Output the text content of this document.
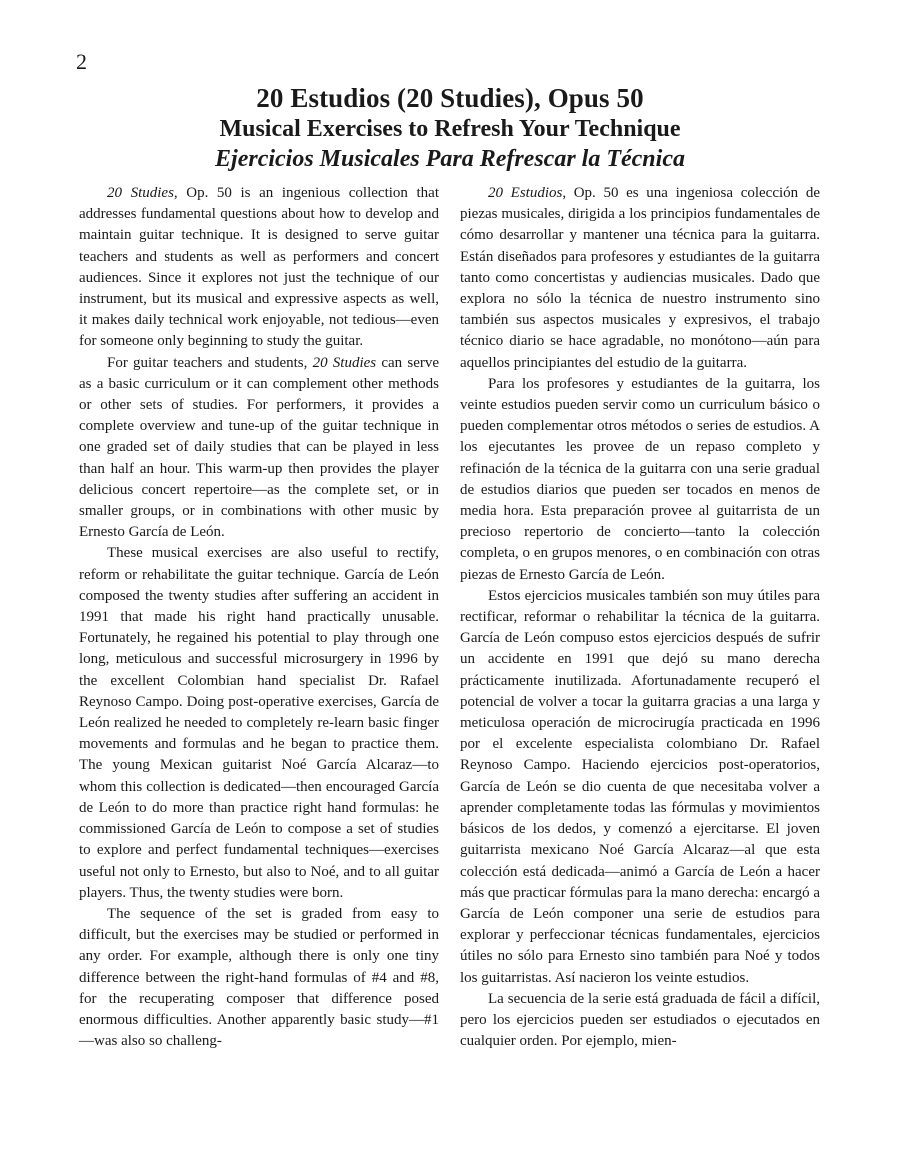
2
20 Estudios (20 Studies), Opus 50
Musical Exercises to Refresh Your Technique
Ejercicios Musicales Para Refrescar la Técnica

20 Studies, Op. 50 is an ingenious collection that addresses fundamental questions about how to develop and maintain guitar technique. It is designed to serve guitar teachers and students as well as performers and concert audiences. Since it explores not just the technique of our instrument, but its musical and expressive aspects as well, it makes daily technical work enjoyable, not tedious—even for someone only beginning to study the guitar.

For guitar teachers and students, 20 Studies can serve as a basic curriculum or it can complement other methods or other sets of studies. For performers, it provides a complete overview and tune-up of the guitar technique in one graded set of daily studies that can be played in less than half an hour. This warm-up then provides the player delicious concert repertoire—as the complete set, or in smaller groups, or in combinations with other music by Ernesto García de León.

These musical exercises are also useful to rectify, reform or rehabilitate the guitar technique. García de León composed the twenty studies after suffering an accident in 1991 that made his right hand practically unusable. Fortunately, he regained his potential to play through one long, meticulous and successful microsurgery in 1996 by the excellent Colombian hand specialist Dr. Rafael Reynoso Campo. Doing post-operative exercises, García de León realized he needed to completely re-learn basic finger movements and formulas and he began to practice them. The young Mexican guitarist Noé García Alcaraz—to whom this collection is dedicated—then encouraged García de León to do more than practice right hand formulas: he commissioned García de León to compose a set of studies to explore and perfect fundamental techniques—exercises useful not only to Ernesto, but also to Noé, and to all guitar players. Thus, the twenty studies were born.

The sequence of the set is graded from easy to difficult, but the exercises may be studied or performed in any order. For example, although there is only one tiny difference between the right-hand formulas of #4 and #8, for the recuperating composer that difference posed enormous difficulties. Another apparently basic study—#1—was also so challeng-

20 Estudios, Op. 50 es una ingeniosa colección de piezas musicales, dirigida a los principios fundamentales de cómo desarrollar y mantener una técnica para la guitarra. Están diseñados para profesores y estudiantes de la guitarra tanto como concertistas y audiencias musicales. Dado que explora no sólo la técnica de nuestro instrumento sino también sus aspectos musicales y expresivos, el trabajo técnico diario se hace agradable, no monótono—aún para aquellos principiantes del estudio de la guitarra.

Para los profesores y estudiantes de la guitarra, los veinte estudios pueden servir como un curriculum básico o pueden complementar otros métodos o series de estudios. A los ejecutantes les provee de un repaso completo y refinación de la técnica de la guitarra con una serie gradual de estudios diarios que pueden ser tocados en menos de media hora. Esta preparación provee al guitarrista de un precioso repertorio de concierto—tanto la colección completa, o en grupos menores, o en combinación con otras piezas de Ernesto García de León.

Estos ejercicios musicales también son muy útiles para rectificar, reformar o rehabilitar la técnica de la guitarra. García de León compuso estos ejercicios después de sufrir un accidente en 1991 que dejó su mano derecha prácticamente inutilizada. Afortunadamente recuperó el potencial de volver a tocar la guitarra gracias a una larga y meticulosa operación de microcirugía practicada en 1996 por el excelente especialista colombiano Dr. Rafael Reynoso Campo. Haciendo ejercicios post-operatorios, García de León se dio cuenta de que necesitaba volver a aprender completamente todas las fórmulas y movimientos básicos de los dedos, y comenzó a ejercitarse. El joven guitarrista mexicano Noé García Alcaraz—al que esta colección está dedicada—animó a García de León a hacer más que practicar fórmulas para la mano derecha: encargó a García de León componer una serie de estudios para explorar y perfeccionar técnicas fundamentales, ejercicios útiles no sólo para Ernesto sino también para Noé y todos los guitarristas. Así nacieron los veinte estudios.

La secuencia de la serie está graduada de fácil a difícil, pero los ejercicios pueden ser estudiados o ejecutados en cualquier orden. Por ejemplo, mien-
